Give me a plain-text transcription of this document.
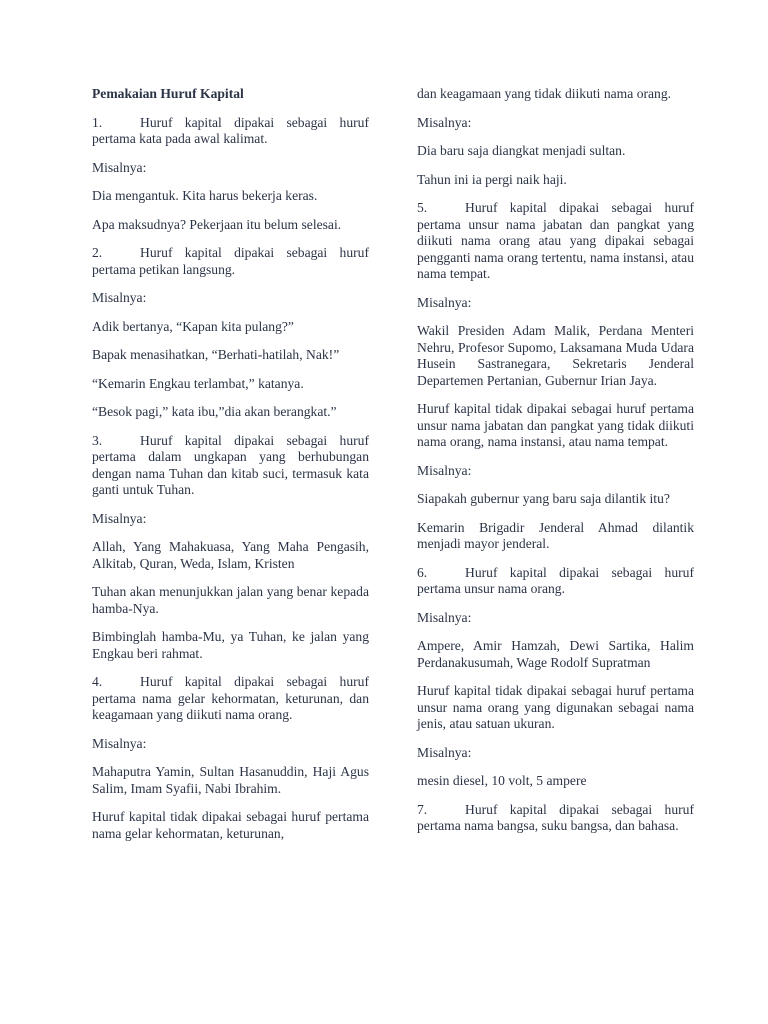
Pemakaian Huruf Kapital

1.	Huruf kapital dipakai sebagai huruf pertama kata pada awal kalimat.

Misalnya:

Dia mengantuk. Kita harus bekerja keras.

Apa maksudnya? Pekerjaan itu belum selesai.

2.	Huruf kapital dipakai sebagai huruf pertama petikan langsung.

Misalnya:

Adik bertanya, “Kapan kita pulang?”

Bapak menasihatkan, “Berhati-hatilah, Nak!”

“Kemarin Engkau terlambat,” katanya.

“Besok pagi,” kata ibu,”dia akan berangkat.”

3.	Huruf kapital dipakai sebagai huruf pertama dalam ungkapan yang berhubungan dengan nama Tuhan dan kitab suci, termasuk kata ganti untuk Tuhan.

Misalnya:

Allah, Yang Mahakuasa, Yang Maha Pengasih, Alkitab, Quran, Weda, Islam, Kristen

Tuhan akan menunjukkan jalan yang benar kepada hamba-Nya.

Bimbinglah hamba-Mu, ya Tuhan, ke jalan yang Engkau beri rahmat.

4.	Huruf kapital dipakai sebagai huruf pertama nama gelar kehormatan, keturunan, dan keagamaan yang diikuti nama orang.

Misalnya:

Mahaputra Yamin, Sultan Hasanuddin, Haji Agus Salim, Imam Syafii, Nabi Ibrahim.

Huruf kapital tidak dipakai sebagai huruf pertama nama gelar kehormatan, keturunan,

dan keagamaan yang tidak diikuti nama orang.

Misalnya:

Dia baru saja diangkat menjadi sultan.

Tahun ini ia pergi naik haji.

5.	Huruf kapital dipakai sebagai huruf pertama unsur nama jabatan dan pangkat yang diikuti nama orang atau yang dipakai sebagai pengganti nama orang tertentu, nama instansi, atau nama tempat.

Misalnya:

Wakil Presiden Adam Malik, Perdana Menteri Nehru, Profesor Supomo, Laksamana Muda Udara Husein Sastranegara, Sekretaris Jenderal Departemen Pertanian, Gubernur Irian Jaya.

Huruf kapital tidak dipakai sebagai huruf pertama unsur nama jabatan dan pangkat yang tidak diikuti nama orang, nama instansi, atau nama tempat.

Misalnya:

Siapakah gubernur yang baru saja dilantik itu?

Kemarin Brigadir Jenderal Ahmad dilantik menjadi mayor jenderal.

6.	Huruf kapital dipakai sebagai huruf pertama unsur nama orang.

Misalnya:

Ampere, Amir Hamzah, Dewi Sartika, Halim Perdanakusumah, Wage Rodolf Supratman

Huruf kapital tidak dipakai sebagai huruf pertama unsur nama orang yang digunakan sebagai nama jenis, atau satuan ukuran.

Misalnya:

mesin diesel, 10 volt, 5 ampere

7.	Huruf kapital dipakai sebagai huruf pertama nama bangsa, suku bangsa, dan bahasa.
